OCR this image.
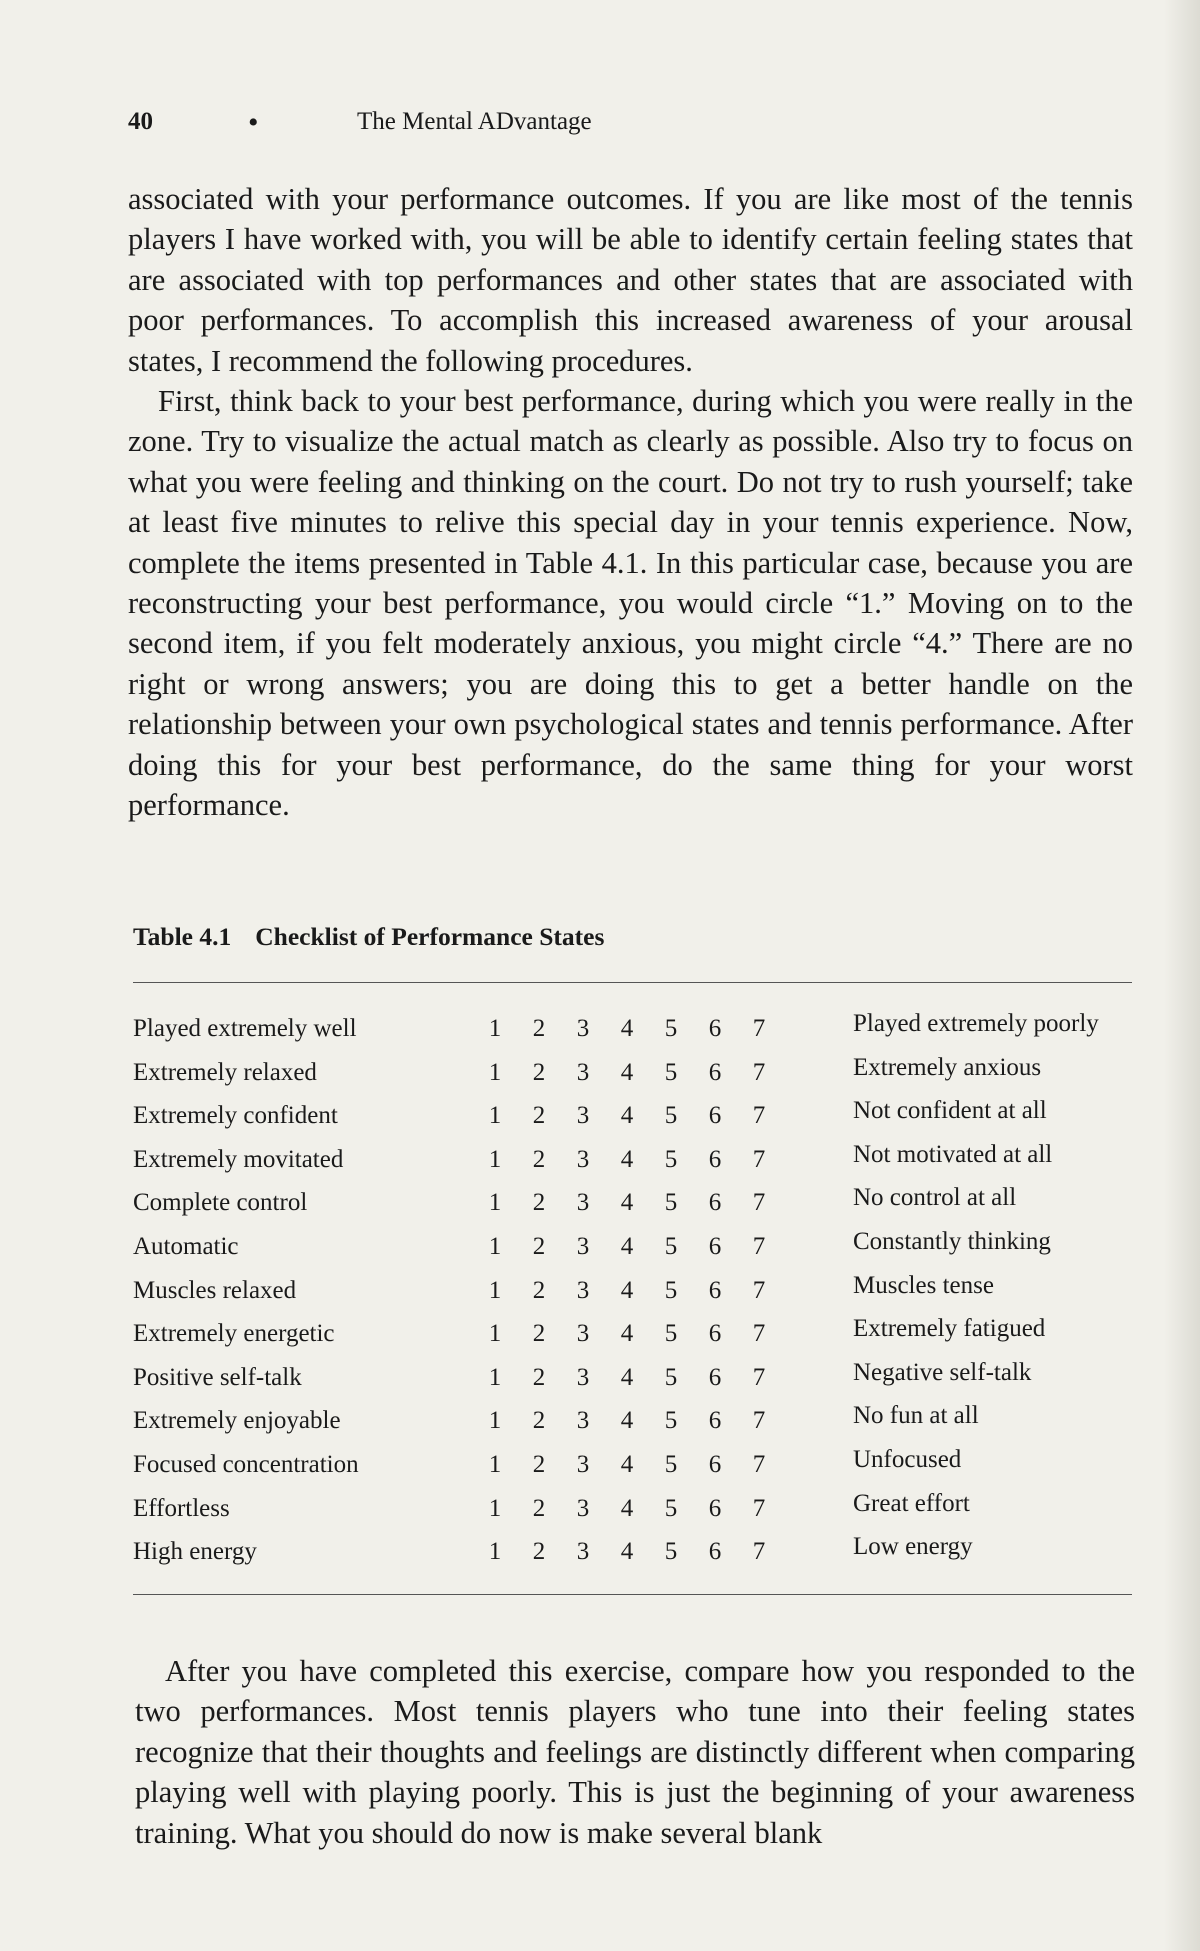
40	•	The Mental ADvantage

associated with your performance outcomes. If you are like most of the tennis players I have worked with, you will be able to identify certain feeling states that are associated with top performances and other states that are associated with poor performances. To accomplish this increased awareness of your arousal states, I recommend the following procedures.

First, think back to your best performance, during which you were really in the zone. Try to visualize the actual match as clearly as possible. Also try to focus on what you were feeling and thinking on the court. Do not try to rush yourself; take at least five minutes to relive this special day in your tennis experience. Now, complete the items presented in Table 4.1. In this particular case, because you are reconstructing your best performance, you would circle “1.” Moving on to the second item, if you felt moderately anxious, you might circle “4.” There are no right or wrong answers; you are doing this to get a better handle on the relationship between your own psychological states and tennis performance. After doing this for your best performance, do the same thing for your worst performance.

Table 4.1 Checklist of Performance States
Played extremely well	1 2 3 4 5 6 7	Played extremely poorly
Extremely relaxed	1 2 3 4 5 6 7	Extremely anxious
Extremely confident	1 2 3 4 5 6 7	Not confident at all
Extremely movitated	1 2 3 4 5 6 7	Not motivated at all
Complete control	1 2 3 4 5 6 7	No control at all
Automatic	1 2 3 4 5 6 7	Constantly thinking
Muscles relaxed	1 2 3 4 5 6 7	Muscles tense
Extremely energetic	1 2 3 4 5 6 7	Extremely fatigued
Positive self-talk	1 2 3 4 5 6 7	Negative self-talk
Extremely enjoyable	1 2 3 4 5 6 7	No fun at all
Focused concentration	1 2 3 4 5 6 7	Unfocused
Effortless	1 2 3 4 5 6 7	Great effort
High energy	1 2 3 4 5 6 7	Low energy

After you have completed this exercise, compare how you responded to the two performances. Most tennis players who tune into their feeling states recognize that their thoughts and feelings are distinctly different when comparing playing well with playing poorly. This is just the beginning of your awareness training. What you should do now is make several blank
